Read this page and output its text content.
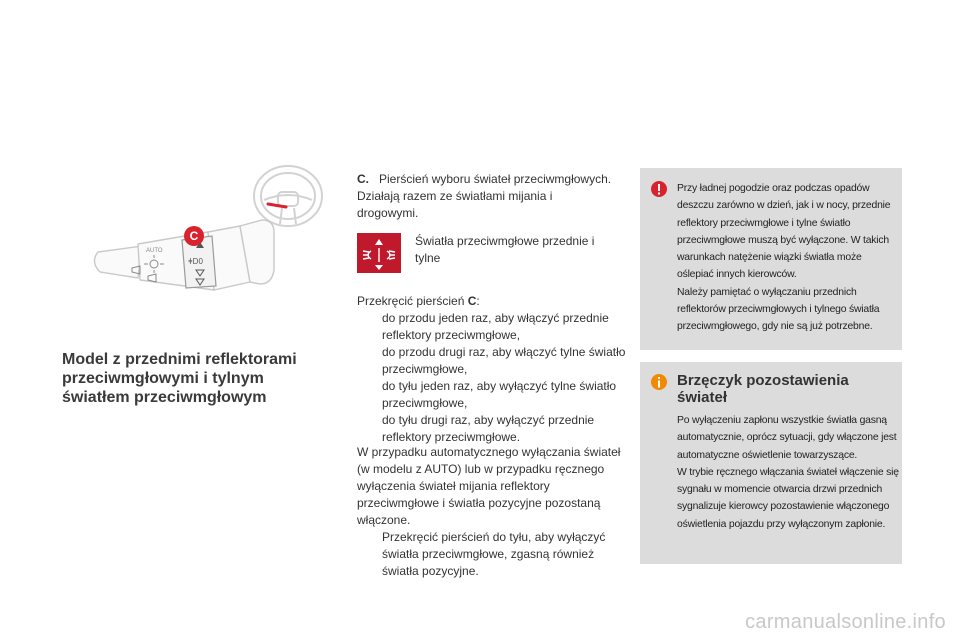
AUTO
ǂD0
C
Model z przednimi reflektorami przeciwmgłowymi i tylnym światłem przeciwmgłowym

C. Pierścień wyboru świateł przeciwmgłowych.

Działają razem ze światłami mijania i drogowymi.

Światła przeciwmgłowe przednie i tylne

Przekręcić pierścień C:

do przodu jeden raz, aby włączyć przednie reflektory przeciwmgłowe,
do przodu drugi raz, aby włączyć tylne światło przeciwmgłowe,
do tyłu jeden raz, aby wyłączyć tylne światło przeciwmgłowe,
do tyłu drugi raz, aby wyłączyć przednie reflektory przeciwmgłowe.

W przypadku automatycznego wyłączania świateł (w modelu z AUTO) lub w przypadku ręcznego wyłączenia świateł mijania reflektory przeciwmgłowe i światła pozycyjne pozostaną włączone.

Przekręcić pierścień do tyłu, aby wyłączyć światła przeciwmgłowe, zgasną również światła pozycyjne.
Przy ładnej pogodzie oraz podczas opadów deszczu zarówno w dzień, jak i w nocy, przednie reflektory przeciwmgłowe i tylne światło przeciwmgłowe muszą być wyłączone. W takich warunkach natężenie wiązki światła może oślepiać innych kierowców.
Należy pamiętać o wyłączaniu przednich reflektorów przeciwmgłowych i tylnego światła przeciwmgłowego, gdy nie są już potrzebne.
Brzęczyk pozostawienia świateł
Po wyłączeniu zapłonu wszystkie światła gasną automatycznie, oprócz sytuacji, gdy włączone jest automatyczne oświetlenie towarzyszące.
W trybie ręcznego włączania świateł włączenie się sygnału w momencie otwarcia drzwi przednich sygnalizuje kierowcy pozostawienie włączonego oświetlenia pojazdu przy wyłączonym zapłonie.
carmanualsonline.info
